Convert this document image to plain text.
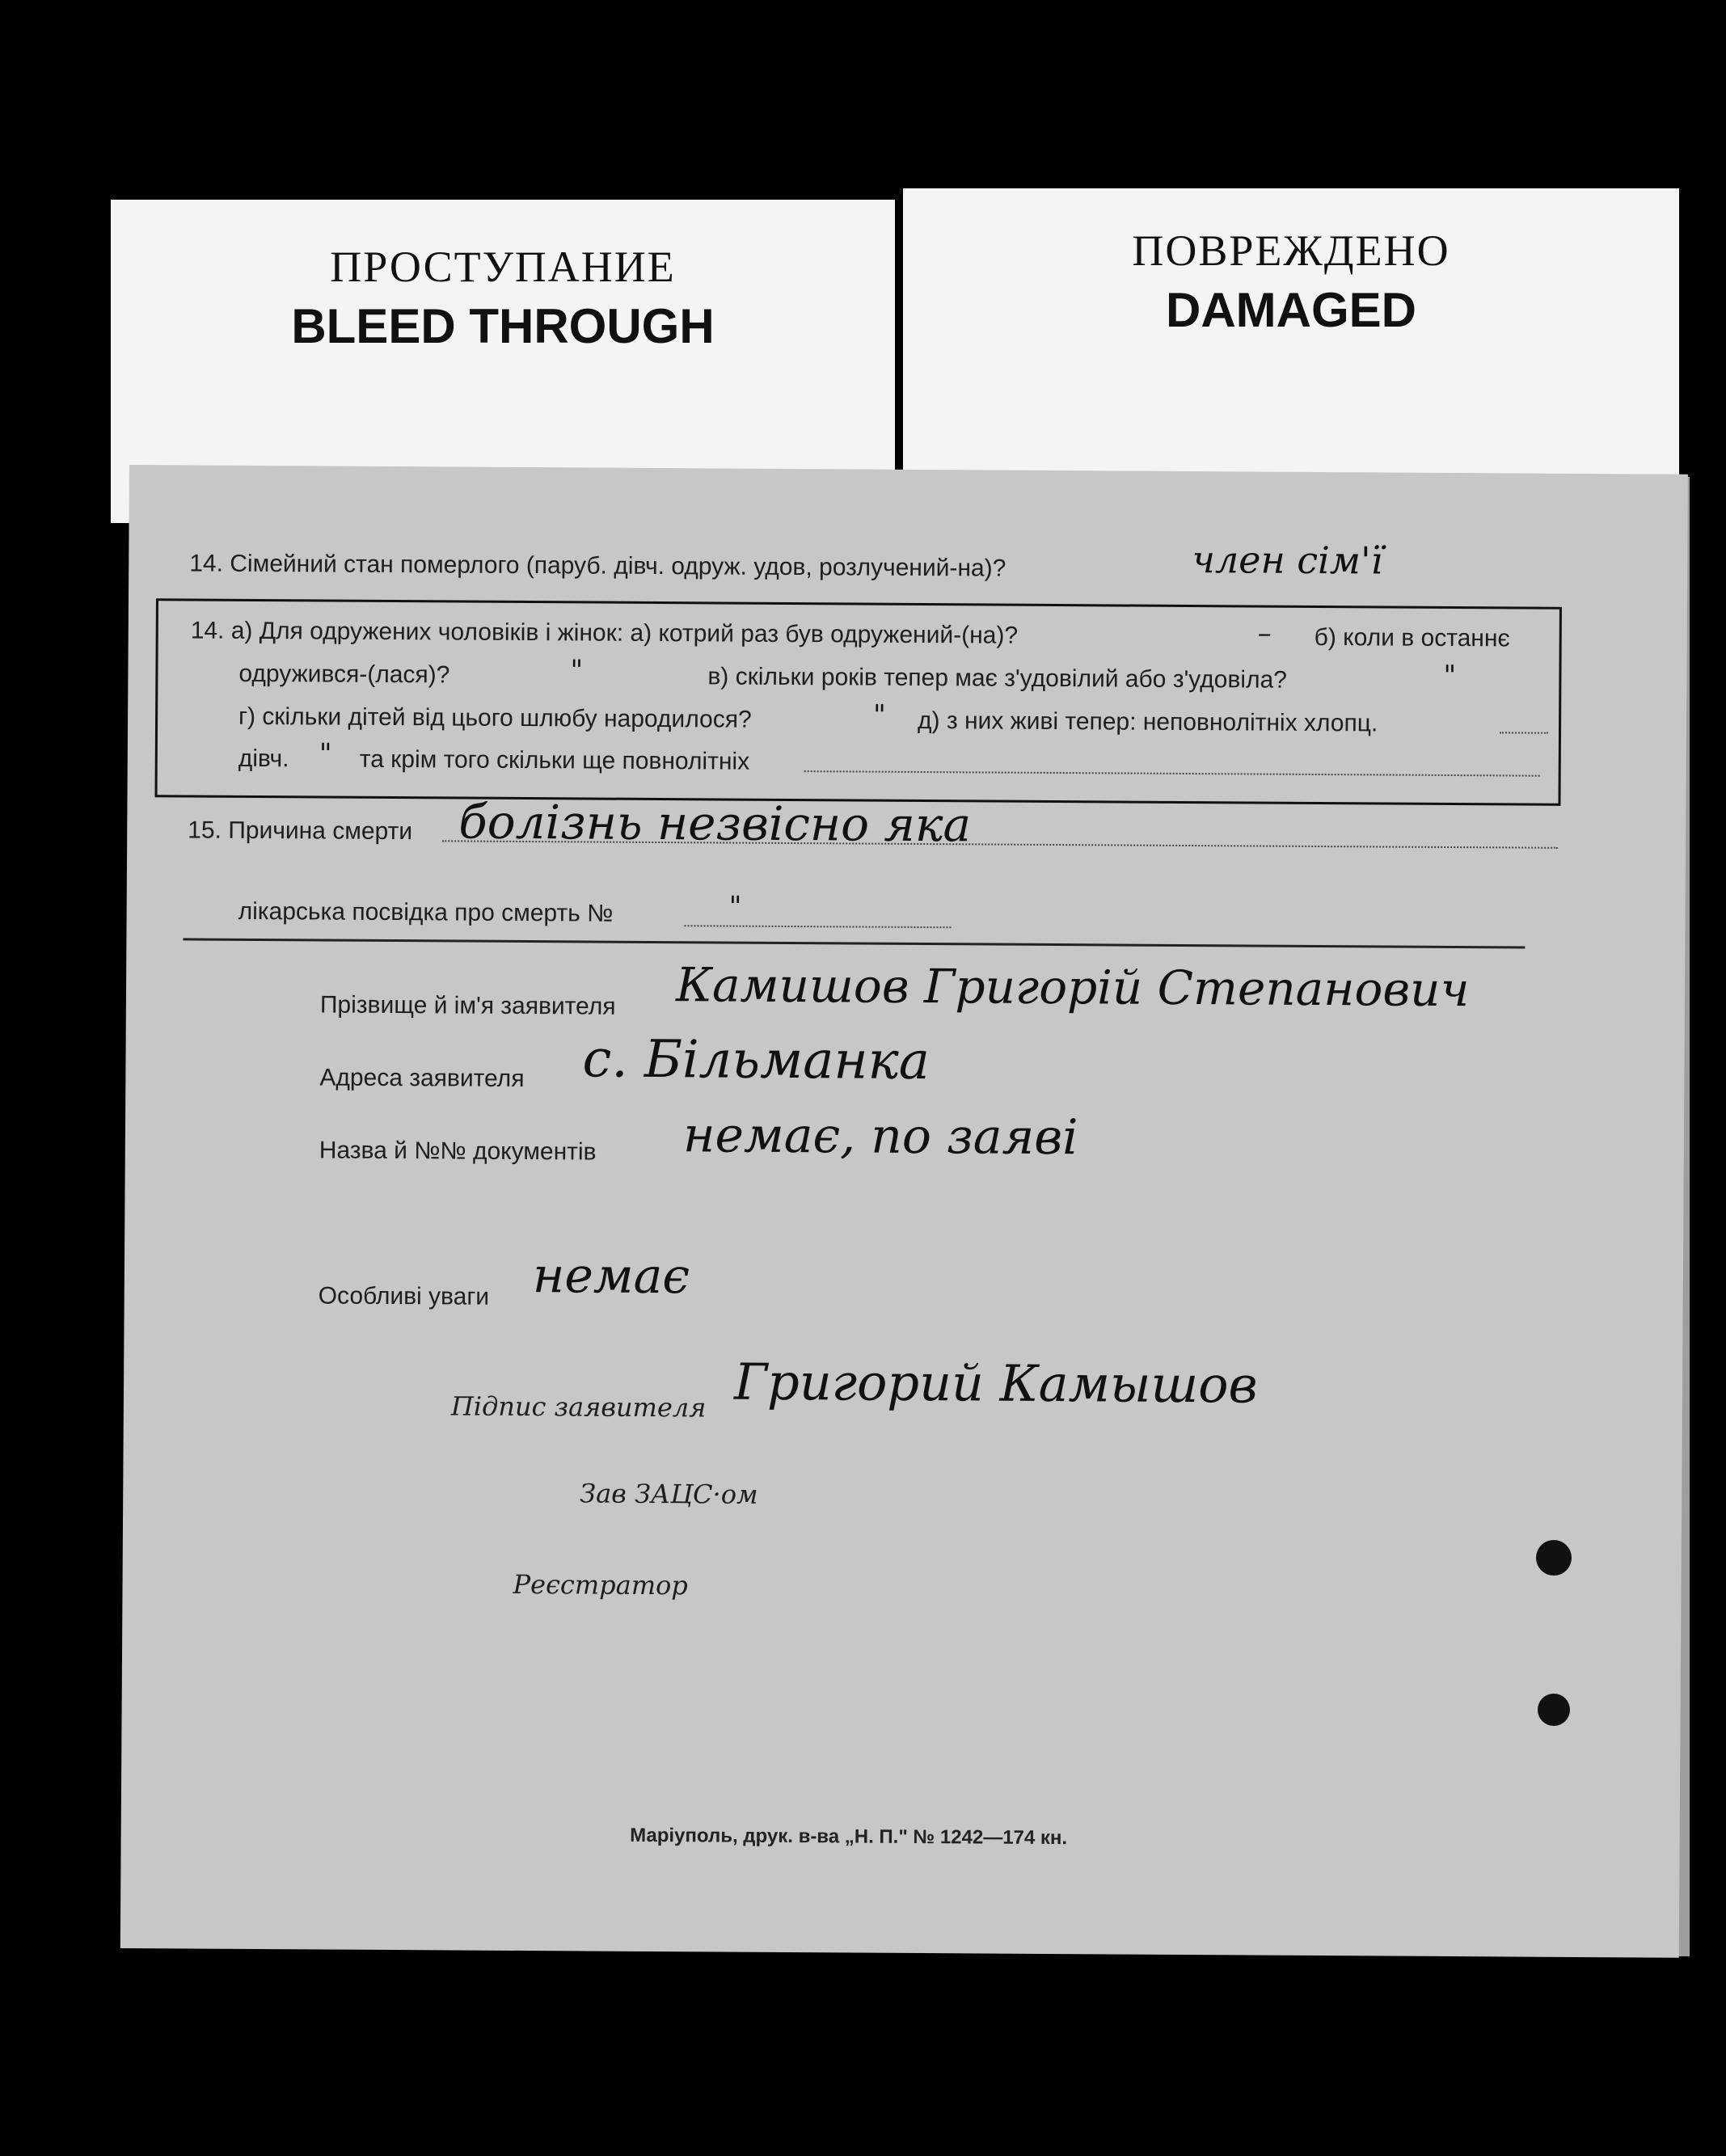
ПРОСТУПАНИЕ
BLEED THROUGH
ПОВРЕЖДЕНО
DAMAGED
14. Сімейний стан померлого (паруб. дівч. одруж. удов, розлучений-на)?	член сім'ї
14. а) Для одружених чоловіків і жінок: а) котрий раз був одружений-(на)?	– б) коли в останнє
одружився-(лася)?	"	в) скільки років тепер має з'удовілий або з'удовіла?	"
г) скільки дітей від цього шлюбу народилося?	" д) з них живі тепер: неповнолітніх хлопц.
дівч. " та крім того скільки ще повнолітніх
15. Причина смерти болізнь незвісно яка
лікарська посвідка про смерть №	"
Прізвище й ім'я заявителя Камишов Григорій Степанович
Адреса заявителя с. Більманка
Назва й №№ документів немає, по заяві
Особливі уваги немає
Підпис заявителя Григорий Камышов
Зав ЗАЦС·ом
Реєстратор
Маріуполь, друк. в-ва „Н. П." № 1242—174 кн.
